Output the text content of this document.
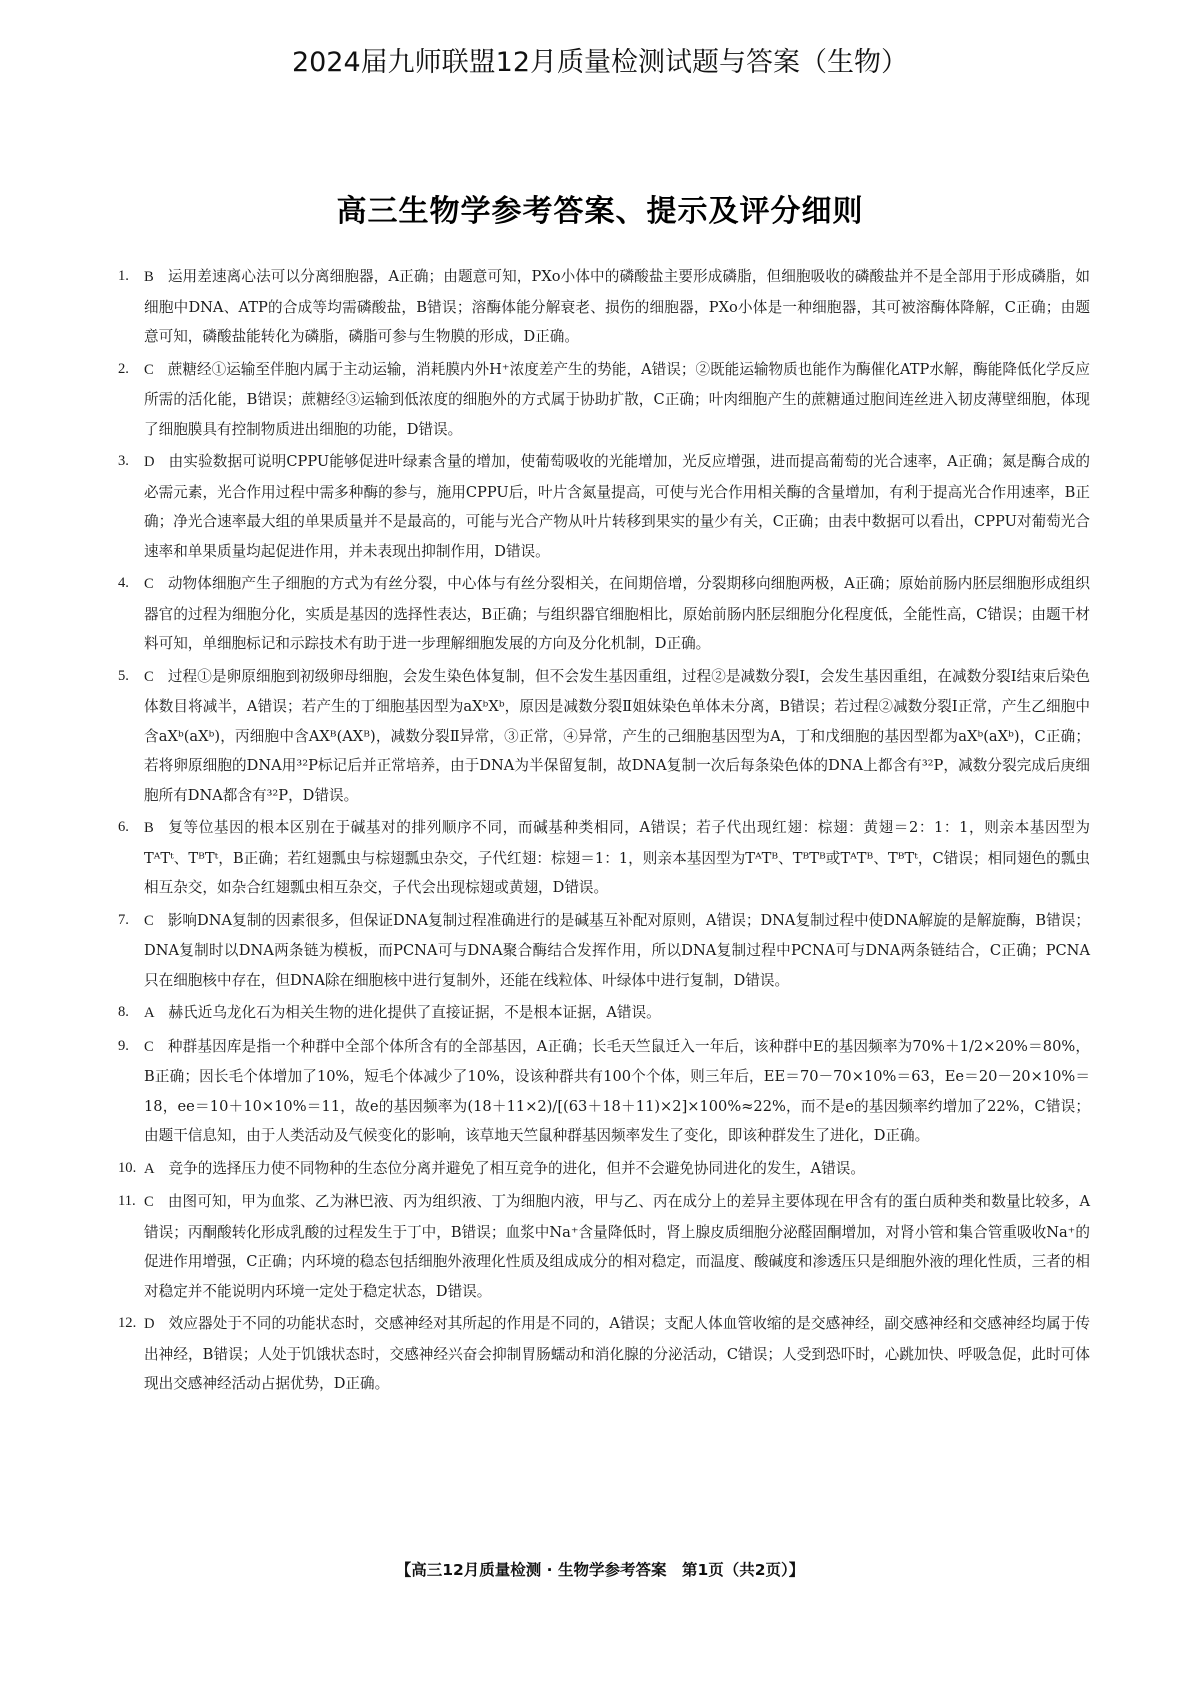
2024届九师联盟12月质量检测试题与答案（生物）
高三生物学参考答案、提示及评分细则
1. B 运用差速离心法可以分离细胞器，A正确；由题意可知，PXo小体中的磷酸盐主要形成磷脂，但细胞吸收的磷酸盐并不是全部用于形成磷脂，如细胞中DNA、ATP的合成等均需磷酸盐，B错误；溶酶体能分解衰老、损伤的细胞器，PXo小体是一种细胞器，其可被溶酶体降解，C正确；由题意可知，磷酸盐能转化为磷脂，磷脂可参与生物膜的形成，D正确。
2. C 蔗糖经①运输至伴胞内属于主动运输，消耗膜内外H⁺浓度差产生的势能，A错误；②既能运输物质也能作为酶催化ATP水解，酶能降低化学反应所需的活化能，B错误；蔗糖经③运输到低浓度的细胞外的方式属于协助扩散，C正确；叶肉细胞产生的蔗糖通过胞间连丝进入韧皮薄壁细胞，体现了细胞膜具有控制物质进出细胞的功能，D错误。
3. D 由实验数据可说明CPPU能够促进叶绿素含量的增加，使葡萄吸收的光能增加，光反应增强，进而提高葡萄的光合速率，A正确；氮是酶合成的必需元素，光合作用过程中需多种酶的参与，施用CPPU后，叶片含氮量提高，可使与光合作用相关酶的含量增加，有利于提高光合作用速率，B正确；净光合速率最大组的单果质量并不是最高的，可能与光合产物从叶片转移到果实的量少有关，C正确；由表中数据可以看出，CPPU对葡萄光合速率和单果质量均起促进作用，并未表现出抑制作用，D错误。
4. C 动物体细胞产生子细胞的方式为有丝分裂，中心体与有丝分裂相关，在间期倍增，分裂期移向细胞两极，A正确；原始前肠内胚层细胞形成组织器官的过程为细胞分化，实质是基因的选择性表达，B正确；与组织器官细胞相比，原始前肠内胚层细胞分化程度低，全能性高，C错误；由题干材料可知，单细胞标记和示踪技术有助于进一步理解细胞发展的方向及分化机制，D正确。
5. C 过程①是卵原细胞到初级卵母细胞，会发生染色体复制，但不会发生基因重组，过程②是减数分裂Ⅰ，会发生基因重组，在减数分裂Ⅰ结束后染色体数目将减半，A错误；若产生的丁细胞基因型为aXᵇXᵇ，原因是减数分裂Ⅱ姐妹染色单体未分离，B错误；若过程②减数分裂Ⅰ正常，产生乙细胞中含aXᵇ(aXᵇ)，丙细胞中含AXᴮ(AXᴮ)，减数分裂Ⅱ异常，③正常，④异常，产生的己细胞基因型为A，丁和戊细胞的基因型都为aXᵇ(aXᵇ)，C正确；若将卵原细胞的DNA用³²P标记后并正常培养，由于DNA为半保留复制，故DNA复制一次后每条染色体的DNA上都含有³²P，减数分裂完成后庚细胞所有DNA都含有³²P，D错误。
6. B 复等位基因的根本区别在于碱基对的排列顺序不同，而碱基种类相同，A错误；若子代出现红翅：棕翅：黄翅＝2：1：1，则亲本基因型为TᴬTᵗ、TᴮTᵗ，B正确；若红翅瓢虫与棕翅瓢虫杂交，子代红翅：棕翅＝1：1，则亲本基因型为TᴬTᴮ、TᴮTᴮ或TᴬTᴮ、TᴮTᵗ，C错误；相同翅色的瓢虫相互杂交，如杂合红翅瓢虫相互杂交，子代会出现棕翅或黄翅，D错误。
7. C 影响DNA复制的因素很多，但保证DNA复制过程准确进行的是碱基互补配对原则，A错误；DNA复制过程中使DNA解旋的是解旋酶，B错误；DNA复制时以DNA两条链为模板，而PCNA可与DNA聚合酶结合发挥作用，所以DNA复制过程中PCNA可与DNA两条链结合，C正确；PCNA只在细胞核中存在，但DNA除在细胞核中进行复制外，还能在线粒体、叶绿体中进行复制，D错误。
8. A 赫氏近乌龙化石为相关生物的进化提供了直接证据，不是根本证据，A错误。
9. C 种群基因库是指一个种群中全部个体所含有的全部基因，A正确；长毛天竺鼠迁入一年后，该种群中E的基因频率为70%＋1/2×20%＝80%，B正确；因长毛个体增加了10%，短毛个体减少了10%，设该种群共有100个个体，则三年后，EE＝70－70×10%＝63，Ee＝20－20×10%＝18，ee＝10＋10×10%＝11，故e的基因频率为(18＋11×2)/[(63＋18＋11)×2]×100%≈22%，而不是e的基因频率约增加了22%，C错误；由题干信息知，由于人类活动及气候变化的影响，该草地天竺鼠种群基因频率发生了变化，即该种群发生了进化，D正确。
10. A 竞争的选择压力使不同物种的生态位分离并避免了相互竞争的进化，但并不会避免协同进化的发生，A错误。
11. C 由图可知，甲为血浆、乙为淋巴液、丙为组织液、丁为细胞内液，甲与乙、丙在成分上的差异主要体现在甲含有的蛋白质种类和数量比较多，A错误；丙酮酸转化形成乳酸的过程发生于丁中，B错误；血浆中Na⁺含量降低时，肾上腺皮质细胞分泌醛固酮增加，对肾小管和集合管重吸收Na⁺的促进作用增强，C正确；内环境的稳态包括细胞外液理化性质及组成成分的相对稳定，而温度、酸碱度和渗透压只是细胞外液的理化性质，三者的相对稳定并不能说明内环境一定处于稳定状态，D错误。
12. D 效应器处于不同的功能状态时，交感神经对其所起的作用是不同的，A错误；支配人体血管收缩的是交感神经，副交感神经和交感神经均属于传出神经，B错误；人处于饥饿状态时，交感神经兴奋会抑制胃肠蠕动和消化腺的分泌活动，C错误；人受到恐吓时，心跳加快、呼吸急促，此时可体现出交感神经活动占据优势，D正确。
【高三12月质量检测 · 生物学参考答案　第1页（共2页）】
